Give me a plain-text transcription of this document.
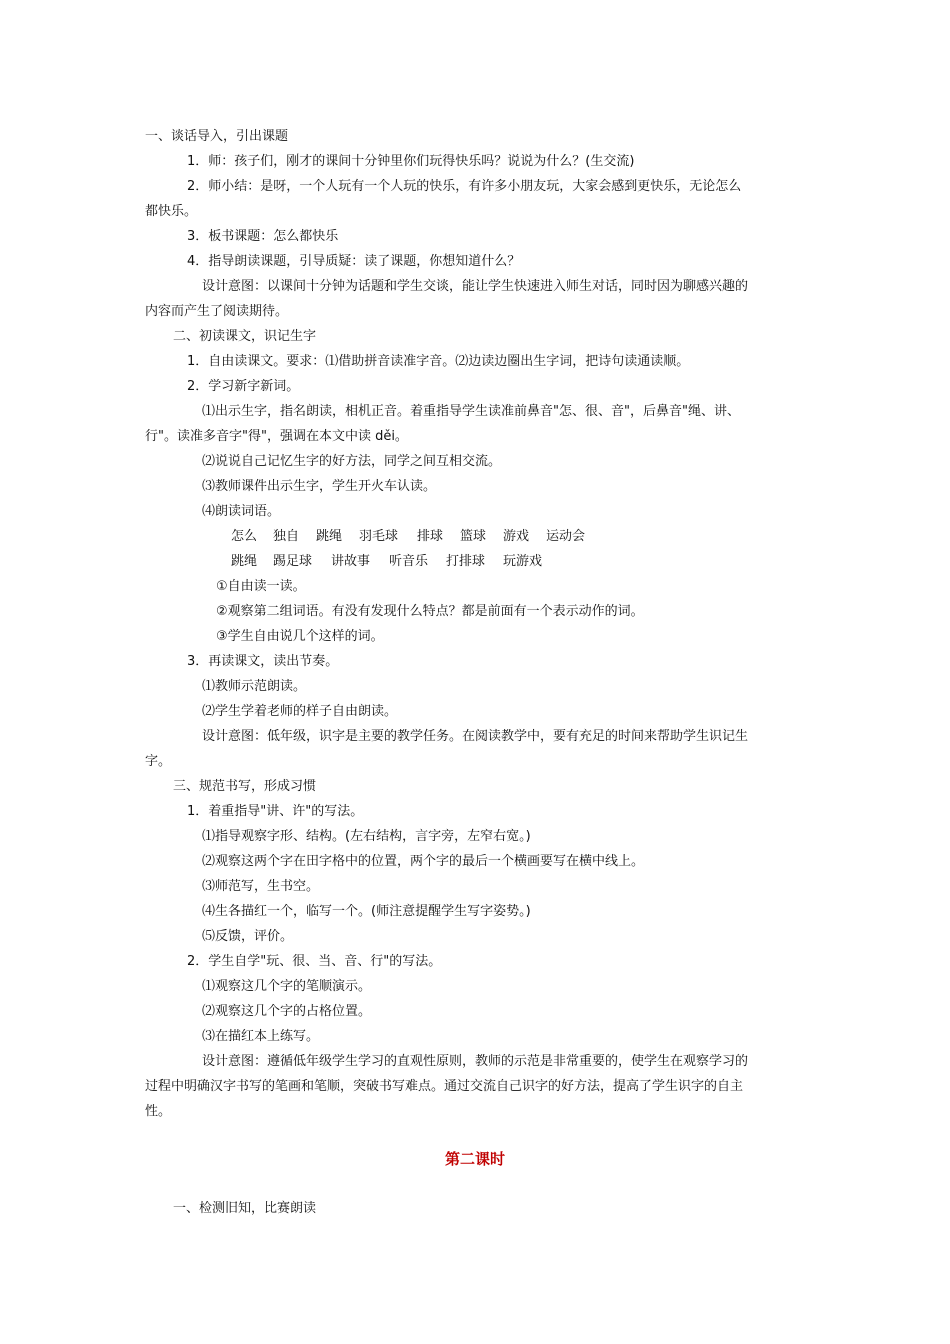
一、谈话导入，引出课题
1．师：孩子们，刚才的课间十分钟里你们玩得快乐吗？说说为什么？(生交流)
2．师小结：是呀，一个人玩有一个人玩的快乐，有许多小朋友玩，大家会感到更快乐，无论怎么
都快乐。
3．板书课题：怎么都快乐
4．指导朗读课题，引导质疑：读了课题，你想知道什么？
设计意图：以课间十分钟为话题和学生交谈，能让学生快速进入师生对话，同时因为聊感兴趣的
内容而产生了阅读期待。
二、初读课文，识记生字
1．自由读课文。要求：⑴借助拼音读准字音。⑵边读边圈出生字词，把诗句读通读顺。
2．学习新字新词。
⑴出示生字，指名朗读，相机正音。着重指导学生读准前鼻音"怎、很、音"，后鼻音"绳、讲、
行"。读准多音字"得"，强调在本文中读 děi。
⑵说说自己记忆生字的好方法，同学之间互相交流。
⑶教师课件出示生字，学生开火车认读。
⑷朗读词语。
怎么 独自 跳绳 羽毛球 排球 篮球 游戏 运动会
跳绳 踢足球 讲故事 听音乐 打排球 玩游戏
①自由读一读。
②观察第二组词语。有没有发现什么特点？都是前面有一个表示动作的词。
③学生自由说几个这样的词。
3．再读课文，读出节奏。
⑴教师示范朗读。
⑵学生学着老师的样子自由朗读。
设计意图：低年级，识字是主要的教学任务。在阅读教学中，要有充足的时间来帮助学生识记生
字。
三、规范书写，形成习惯
1．着重指导"讲、许"的写法。
⑴指导观察字形、结构。(左右结构，言字旁，左窄右宽。)
⑵观察这两个字在田字格中的位置，两个字的最后一个横画要写在横中线上。
⑶师范写，生书空。
⑷生各描红一个，临写一个。(师注意提醒学生写字姿势。)
⑸反馈，评价。
2．学生自学"玩、很、当、音、行"的写法。
⑴观察这几个字的笔顺演示。
⑵观察这几个字的占格位置。
⑶在描红本上练写。
设计意图：遵循低年级学生学习的直观性原则，教师的示范是非常重要的，使学生在观察学习的
过程中明确汉字书写的笔画和笔顺，突破书写难点。通过交流自己识字的好方法，提高了学生识字的自主
性。
第二课时
一、检测旧知，比赛朗读
